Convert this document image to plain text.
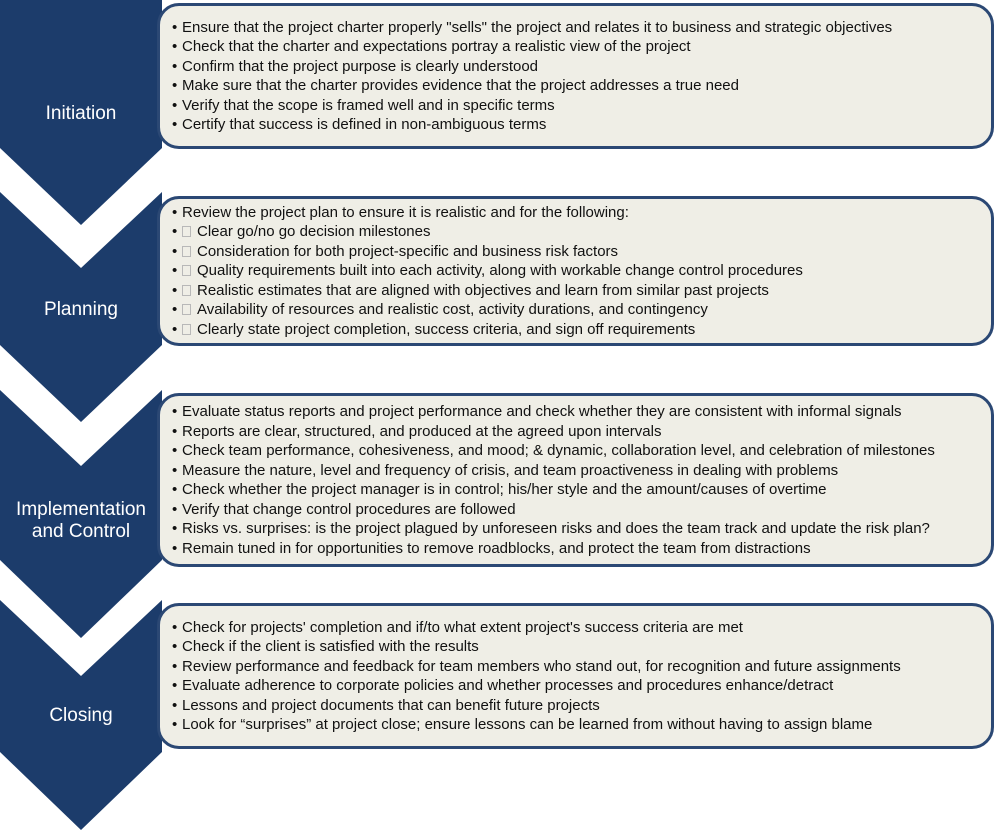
Initiation
Planning
Implementation and Control
Closing
• Ensure that the project charter properly "sells" the project and relates it to business and strategic objectives
• Check that the charter and expectations portray a realistic view of the project
• Confirm that the project purpose is clearly understood
• Make sure that the charter provides evidence that the project addresses a true need
• Verify that the scope is framed well and in specific terms
• Certify that success is defined in non-ambiguous terms
• Review the project plan to ensure it is realistic and for the following:
• Clear go/no go decision milestones
• Consideration for both project-specific and business risk factors
• Quality requirements built into each activity, along with workable change control procedures
• Realistic estimates that are aligned with objectives and learn from similar past projects
• Availability of resources and realistic cost, activity durations, and contingency
• Clearly state project completion, success criteria, and sign off requirements
• Evaluate status reports and project performance and check whether they are consistent with informal signals
• Reports are clear, structured, and produced at the agreed upon intervals
• Check team performance, cohesiveness, and mood; & dynamic, collaboration level, and celebration of milestones
• Measure the nature, level and frequency of crisis, and team proactiveness in dealing with problems
• Check whether the project manager is in control; his/her style and the amount/causes of overtime
• Verify that change control procedures are followed
• Risks vs. surprises: is the project plagued by unforeseen risks and does the team track and update the risk plan?
• Remain tuned in for opportunities to remove roadblocks, and protect the team from distractions
• Check for projects' completion and if/to what extent project's success criteria are met
• Check if the client is satisfied with the results
• Review performance and feedback for team members who stand out, for recognition and future assignments
• Evaluate adherence to corporate policies and whether processes and procedures enhance/detract
• Lessons and project documents that can benefit future projects
• Look for “surprises” at project close; ensure lessons can be learned from without having to assign blame
